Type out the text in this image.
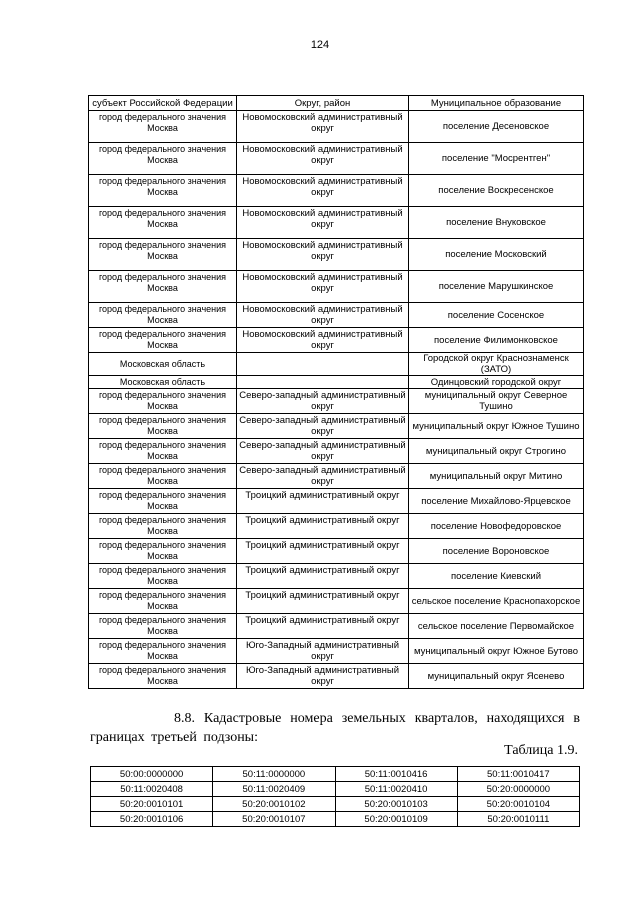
124
субъект Российской Федерации	Округ, район	Муниципальное образование
город федерального значения Москва	Новомосковский административный округ	поселение Десеновское
город федерального значения Москва	Новомосковский административный округ	поселение "Мосрентген"
город федерального значения Москва	Новомосковский административный округ	поселение Воскресенское
город федерального значения Москва	Новомосковский административный округ	поселение Внуковское
город федерального значения Москва	Новомосковский административный округ	поселение Московский
город федерального значения Москва	Новомосковский административный округ	поселение Марушкинское
город федерального значения Москва	Новомосковский административный округ	поселение Сосенское
город федерального значения Москва	Новомосковский административный округ	поселение Филимонковское
Московская область		Городской округ Краснознаменск (ЗАТО)
Московская область		Одинцовский городской округ
город федерального значения Москва	Северо-западный административный округ	муниципальный округ Северное Тушино
город федерального значения Москва	Северо-западный административный округ	муниципальный округ Южное Тушино
город федерального значения Москва	Северо-западный административный округ	муниципальный округ Строгино
город федерального значения Москва	Северо-западный административный округ	муниципальный округ Митино
город федерального значения Москва	Троицкий административный округ	поселение Михайлово-Ярцевское
город федерального значения Москва	Троицкий административный округ	поселение Новофедоровское
город федерального значения Москва	Троицкий административный округ	поселение Вороновское
город федерального значения Москва	Троицкий административный округ	поселение Киевский
город федерального значения Москва	Троицкий административный округ	сельское поселение Краснопахорское
город федерального значения Москва	Троицкий административный округ	сельское поселение Первомайское
город федерального значения Москва	Юго-Западный административный округ	муниципальный округ Южное Бутово
город федерального значения Москва	Юго-Западный административный округ	муниципальный округ Ясенево
8.8. Кадастровые номера земельных кварталов, находящихся в границах третьей подзоны:
Таблица 1.9.
50:00:0000000	50:11:0000000	50:11:0010416	50:11:0010417
50:11:0020408	50:11:0020409	50:11:0020410	50:20:0000000
50:20:0010101	50:20:0010102	50:20:0010103	50:20:0010104
50:20:0010106	50:20:0010107	50:20:0010109	50:20:0010111
